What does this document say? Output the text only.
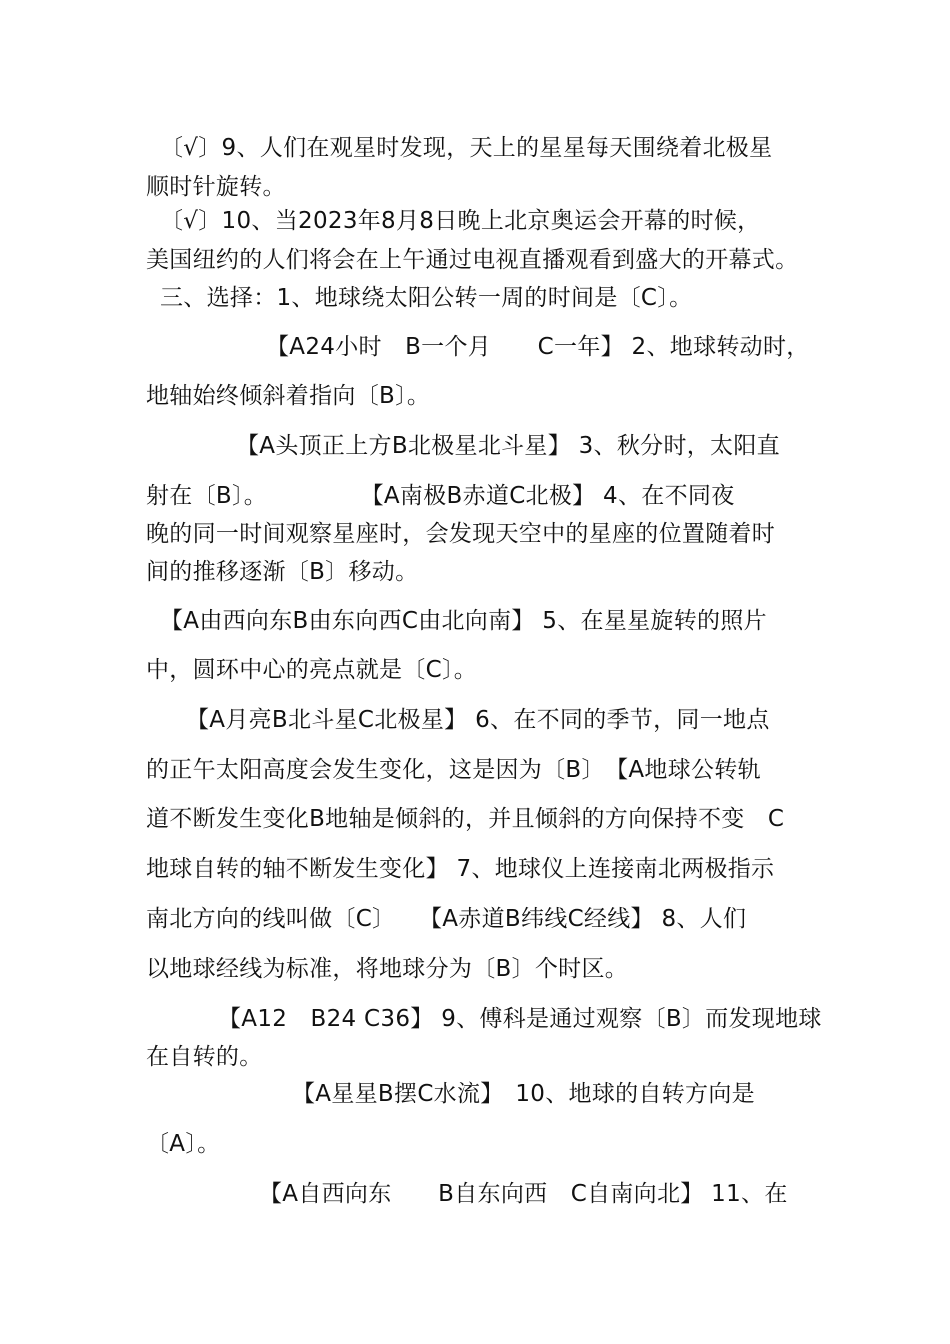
〔√〕9、人们在观星时发现，天上的星星每天围绕着北极星
顺时针旋转。
〔√〕10、当2023年8月8日晚上北京奥运会开幕的时候，
美国纽约的人们将会在上午通过电视直播观看到盛大的开幕式。
三、选择：1、地球绕太阳公转一周的时间是〔C〕。
【A24小时　B一个月　　C一年】 2、地球转动时，
地轴始终倾斜着指向〔B〕。
【A头顶正上方B北极星北斗星】 3、秋分时，太阳直
射在〔B〕。　　　　　【A南极B赤道C北极】 4、在不同夜
晚的同一时间观察星座时，会发现天空中的星座的位置随着时
间的推移逐渐〔B〕移动。
【A由西向东B由东向西C由北向南】 5、在星星旋转的照片
中，圆环中心的亮点就是〔C〕。
【A月亮B北斗星C北极星】 6、在不同的季节，同一地点
的正午太阳高度会发生变化，这是因为〔B〕　【A地球公转轨
道不断发生变化B地轴是倾斜的，并且倾斜的方向保持不变　C
地球自转的轴不断发生变化】 7、地球仪上连接南北两极指示
南北方向的线叫做〔C〕　　【A赤道B纬线C经线】 8、人们
以地球经线为标准，将地球分为〔B〕个时区。
【A12　B24 C36】 9、傅科是通过观察〔B〕而发现地球
在自转的。
【A星星B摆C水流】　10、地球的自转方向是
〔A〕。
【A自西向东　　B自东向西　C自南向北】 11、在
